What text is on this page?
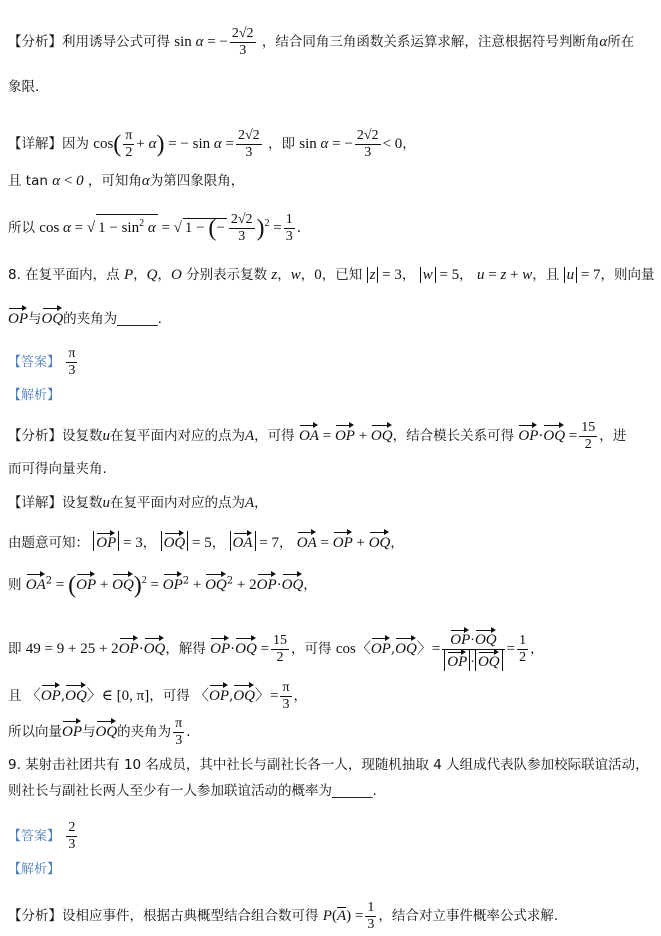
【分析】利用诱导公式可得 sin α = − $\frac{2√2}{3}$ ，结合同角三角函数关系运算求解，注意根据符号判断角α所在
象限.
【详解】因为 $\cos( \frac{\pi}{2} + \alpha)$ = − $\sin \alpha = \frac{2√2}{3}$ ，即 sin α = − $\frac{2√2}{3} < 0$，
且 tan α < 0 ，可知角α为第四象限角，
所以 cos α = √ $1 - \sin^2 \alpha$ = √ 1 − (− $\frac{2√2}{3} )^2 = \frac{1}{3}$ .
8. 在复平面内，点 P，Q，O 分别表示复数 z，w，0，已知 z = 3， w = 5， u = z + w，且 u = 7，则向量
OP与OQ的夹角为______.
【答案】 $\frac{\pi}{3}$
【解析】
【分析】设复数u在复平面内对应的点为A，可得 OA = OP + OQ，结合模长关系可得 $OP\cdot OQ = \frac{15}{2}$ ，进
而可得向量夹角.
【详解】设复数u在复平面内对应的点为A，
由题意可知： OP = 3， OQ = 5， OA = 7， OA = OP + OQ，
则 $OA^2 = (OP + OQ)^2 = OP^2 + OQ^2 + 2OP\cdot OQ$，
即 49 = 9 + 25 + 2OP·OQ，解得 $OP\cdot OQ = \frac{15}{2}$ ，可得 cos〈OP,OQ〉= $\frac{OP\cdot OQ}{OP \cdot OQ} = \frac{1}{2}$ ，
且 〈OP,OQ〉∈ [0, π]，可得 〈OP,OQ〉= $\frac{\pi}{3}$ ，
所以向量OP与OQ的夹角为 $\frac{\pi}{3}$ .
9. 某射击社团共有 10 名成员，其中社长与副社长各一人，现随机抽取 4 人组成代表队参加校际联谊活动，
则社长与副社长两人至少有一人参加联谊活动的概率为______.
【答案】 $\frac{2}{3}$
【解析】
【分析】设相应事件，根据古典概型结合组合数可得 $P(\overline{A}) = \frac{1}{3}$ ，结合对立事件概率公式求解.
